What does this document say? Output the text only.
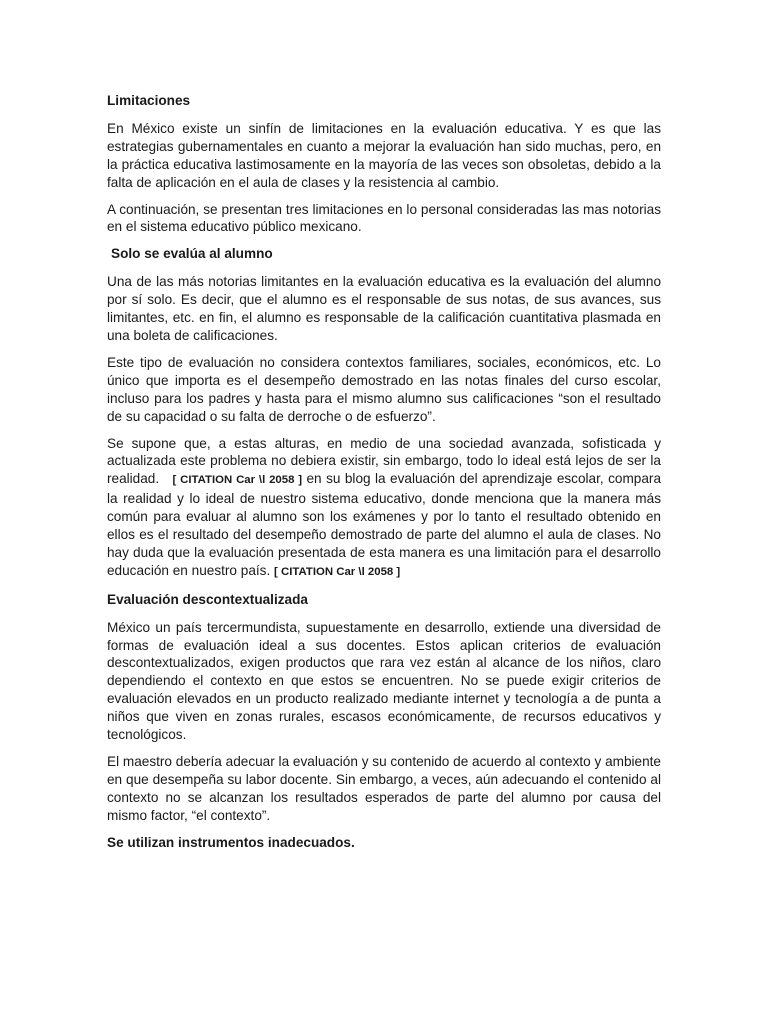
Limitaciones

En México existe un sinfín de limitaciones en la evaluación educativa. Y es que las estrategias gubernamentales en cuanto a mejorar la evaluación han sido muchas, pero, en la práctica educativa lastimosamente en la mayoría de las veces son obsoletas, debido a la falta de aplicación en el aula de clases y la resistencia al cambio.

A continuación, se presentan tres limitaciones en lo personal consideradas las mas notorias en el sistema educativo público mexicano.

Solo se evalúa al alumno

Una de las más notorias limitantes en la evaluación educativa es la evaluación del alumno por sí solo. Es decir, que el alumno es el responsable de sus notas, de sus avances, sus limitantes, etc. en fin, el alumno es responsable de la calificación cuantitativa plasmada en una boleta de calificaciones.

Este tipo de evaluación no considera contextos familiares, sociales, económicos, etc. Lo único que importa es el desempeño demostrado en las notas finales del curso escolar, incluso para los padres y hasta para el mismo alumno sus calificaciones “son el resultado de su capacidad o su falta de derroche o de esfuerzo”.

Se supone que, a estas alturas, en medio de una sociedad avanzada, sofisticada y actualizada este problema no debiera existir, sin embargo, todo lo ideal está lejos de ser la realidad. [ CITATION Car \l 2058 ] en su blog la evaluación del aprendizaje escolar, compara la realidad y lo ideal de nuestro sistema educativo, donde menciona que la manera más común para evaluar al alumno son los exámenes y por lo tanto el resultado obtenido en ellos es el resultado del desempeño demostrado de parte del alumno el aula de clases. No hay duda que la evaluación presentada de esta manera es una limitación para el desarrollo educación en nuestro país. [ CITATION Car \l 2058 ]

Evaluación descontextualizada

México un país tercermundista, supuestamente en desarrollo, extiende una diversidad de formas de evaluación ideal a sus docentes. Estos aplican criterios de evaluación descontextualizados, exigen productos que rara vez están al alcance de los niños, claro dependiendo el contexto en que estos se encuentren. No se puede exigir criterios de evaluación elevados en un producto realizado mediante internet y tecnología a de punta a niños que viven en zonas rurales, escasos económicamente, de recursos educativos y tecnológicos.

El maestro debería adecuar la evaluación y su contenido de acuerdo al contexto y ambiente en que desempeña su labor docente. Sin embargo, a veces, aún adecuando el contenido al contexto no se alcanzan los resultados esperados de parte del alumno por causa del mismo factor, “el contexto”.

Se utilizan instrumentos inadecuados.
